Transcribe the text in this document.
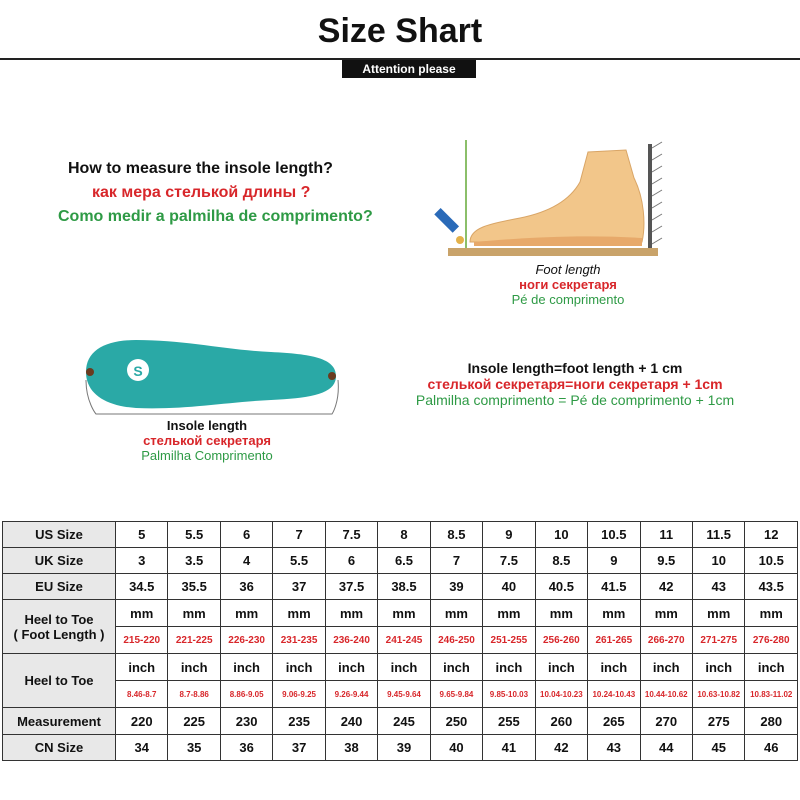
Size Shart
Attention please
How to measure the insole length?
как мера стелькой длины ?
Como medir a palmilha de comprimento?
Foot length
ноги секретаря
Pé de comprimento
S
Insole length
стелькой секретаря
Palmilha Comprimento
Insole length=foot length + 1 cm
стелькой секретаря=ноги секретаря + 1cm
Palmilha comprimento = Pé de comprimento + 1cm
US Size	5	5.5	6	7	7.5	8	8.5	9	10	10.5	11	11.5	12
UK Size	3	3.5	4	5.5	6	6.5	7	7.5	8.5	9	9.5	10	10.5
EU Size	34.5	35.5	36	37	37.5	38.5	39	40	40.5	41.5	42	43	43.5
Heel to Toe
( Foot Length )	mm	mm	mm	mm	mm	mm	mm	mm	mm	mm	mm	mm	mm
	215-220	221-225	226-230	231-235	236-240	241-245	246-250	251-255	256-260	261-265	266-270	271-275	276-280
Heel to Toe	inch	inch	inch	inch	inch	inch	inch	inch	inch	inch	inch	inch	inch
	8.46-8.7	8.7-8.86	8.86-9.05	9.06-9.25	9.26-9.44	9.45-9.64	9.65-9.84	9.85-10.03	10.04-10.23	10.24-10.43	10.44-10.62	10.63-10.82	10.83-11.02
Measurement	220	225	230	235	240	245	250	255	260	265	270	275	280
CN Size	34	35	36	37	38	39	40	41	42	43	44	45	46
